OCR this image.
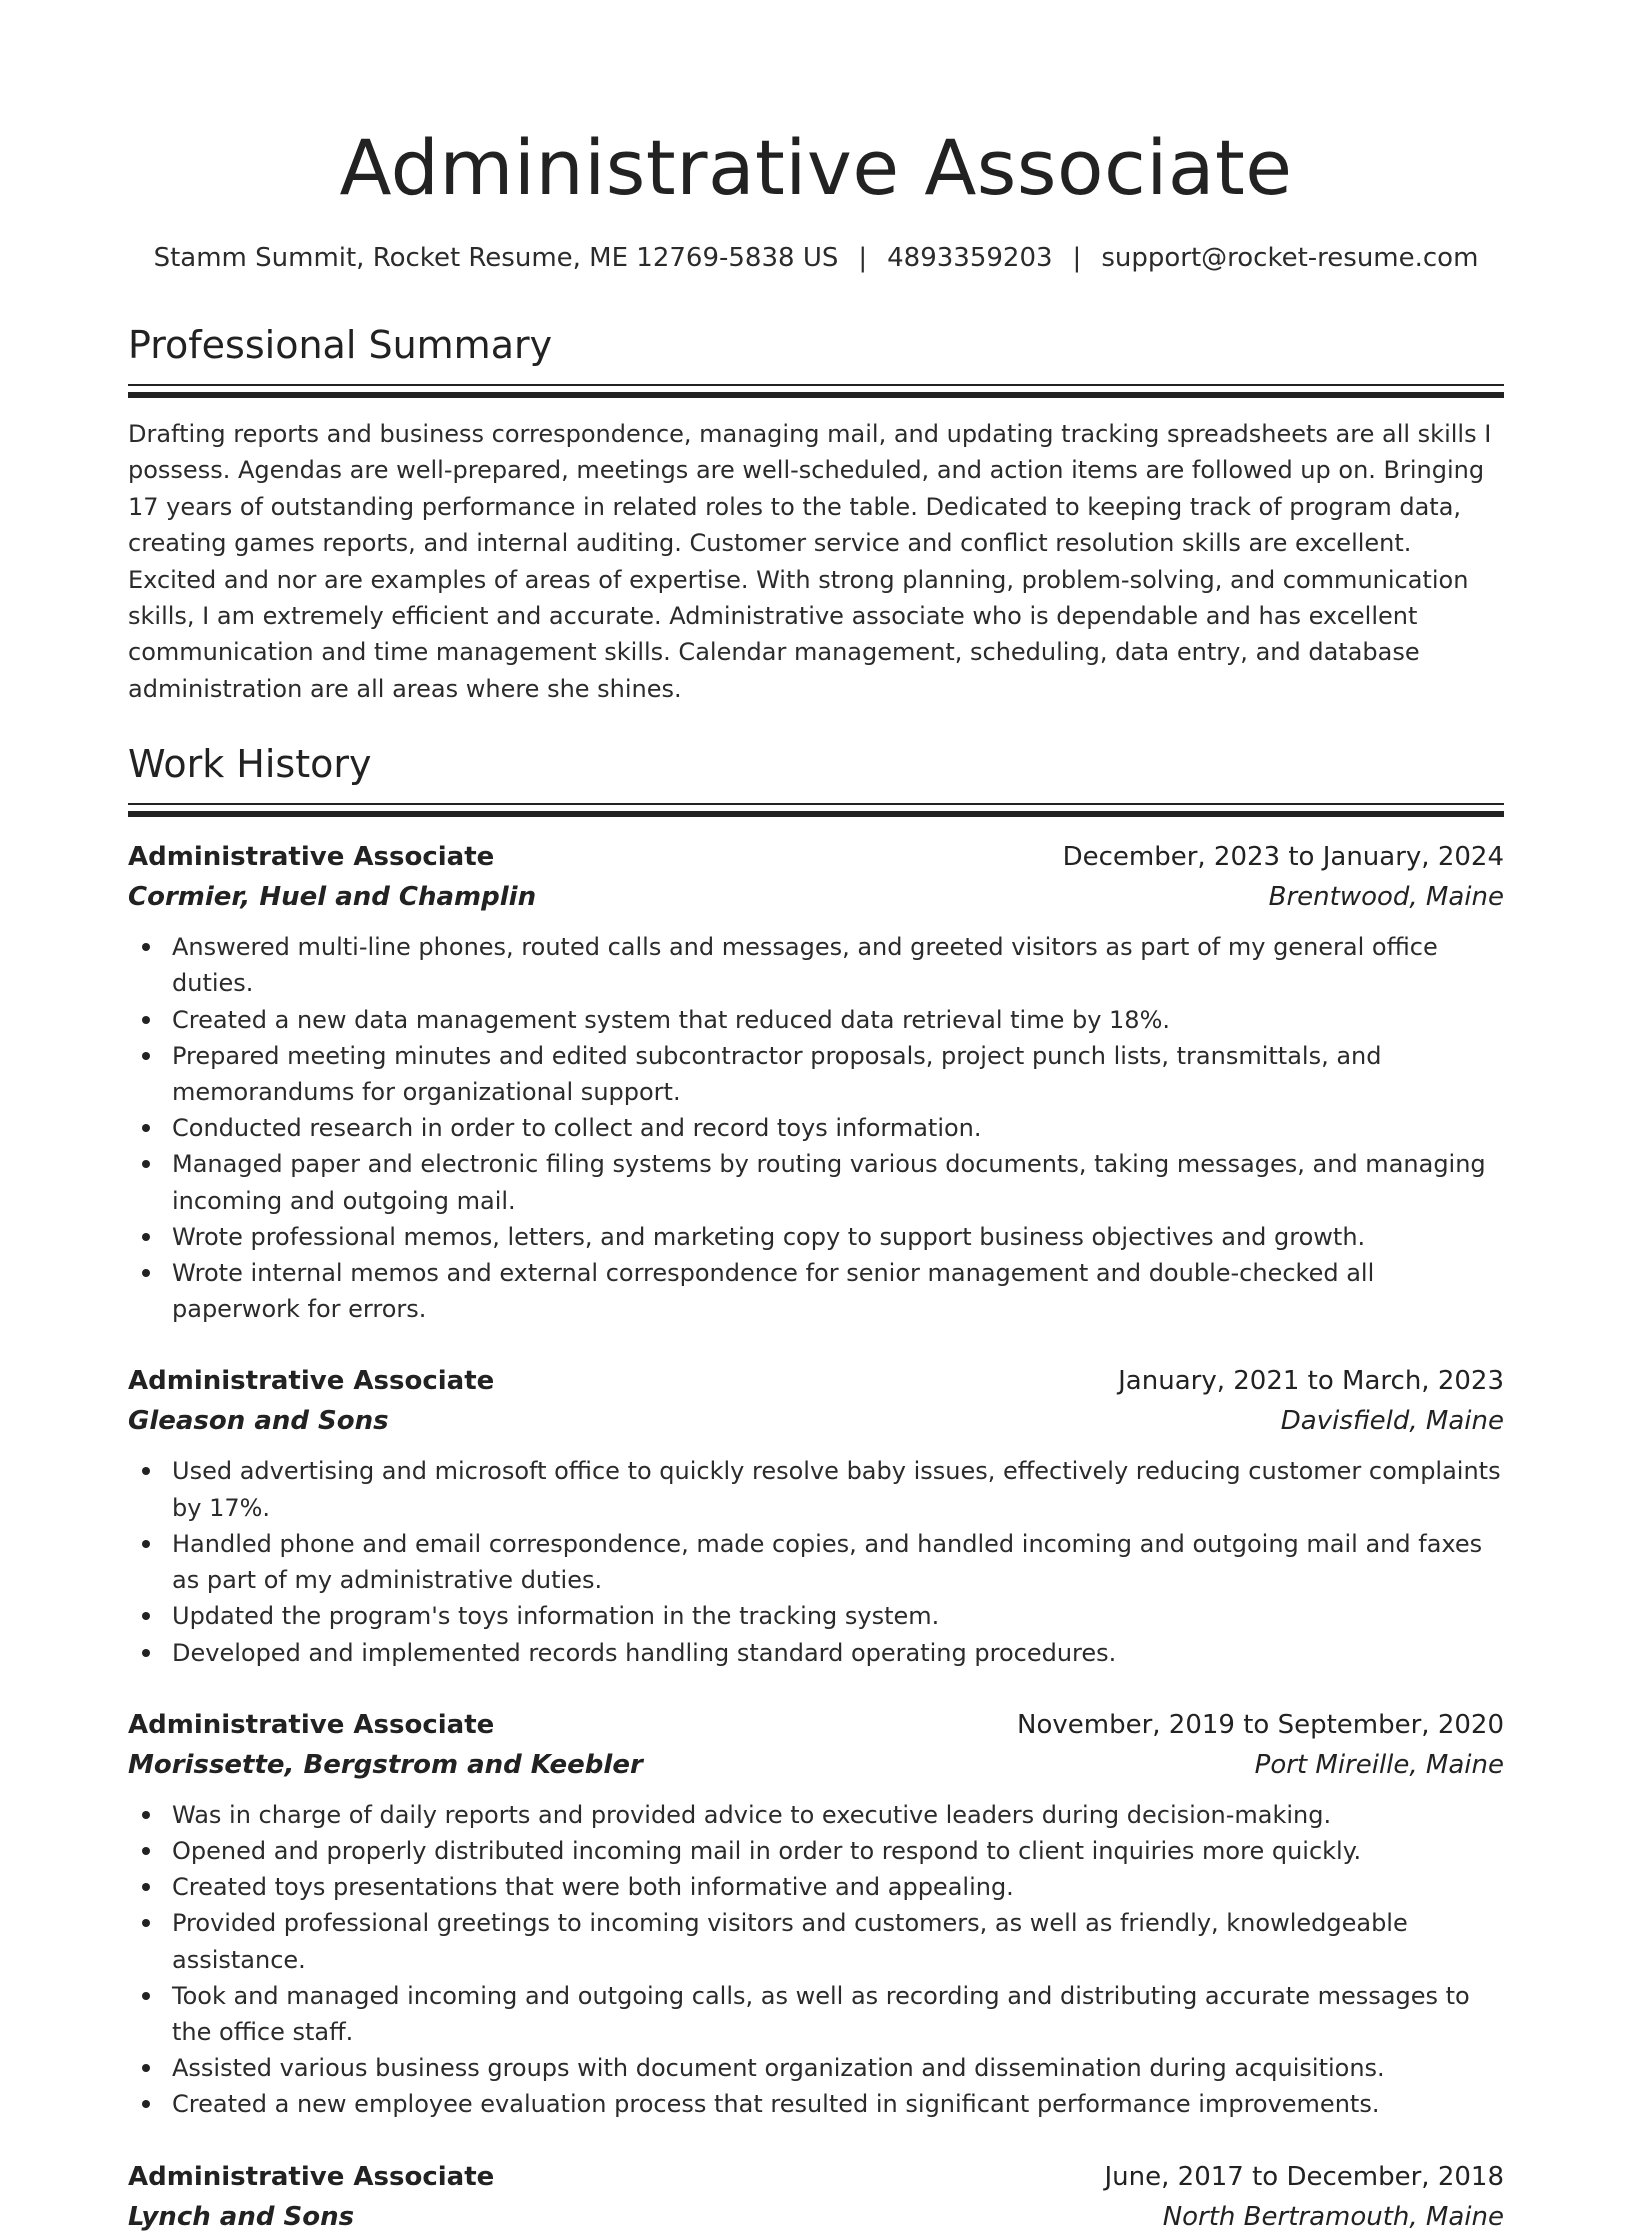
Administrative Associate
Stamm Summit, Rocket Resume, ME 12769-5838 US | 4893359203 | support@rocket-resume.com
Professional Summary

Drafting reports and business correspondence, managing mail, and updating tracking spreadsheets are all skills I possess. Agendas are well-prepared, meetings are well-scheduled, and action items are followed up on. Bringing 17 years of outstanding performance in related roles to the table. Dedicated to keeping track of program data, creating games reports, and internal auditing. Customer service and conflict resolution skills are excellent. Excited and nor are examples of areas of expertise. With strong planning, problem-solving, and communication skills, I am extremely efficient and accurate. Administrative associate who is dependable and has excellent communication and time management skills. Calendar management, scheduling, data entry, and database administration are all areas where she shines.

Work History
Administrative Associate	December, 2023 to January, 2024
Cormier, Huel and Champlin	Brentwood, Maine
Answered multi-line phones, routed calls and messages, and greeted visitors as part of my general office duties.
Created a new data management system that reduced data retrieval time by 18%.
Prepared meeting minutes and edited subcontractor proposals, project punch lists, transmittals, and memorandums for organizational support.
Conducted research in order to collect and record toys information.
Managed paper and electronic filing systems by routing various documents, taking messages, and managing incoming and outgoing mail.
Wrote professional memos, letters, and marketing copy to support business objectives and growth.
Wrote internal memos and external correspondence for senior management and double-checked all paperwork for errors.
Administrative Associate	January, 2021 to March, 2023
Gleason and Sons	Davisfield, Maine
Used advertising and microsoft office to quickly resolve baby issues, effectively reducing customer complaints by 17%.
Handled phone and email correspondence, made copies, and handled incoming and outgoing mail and faxes as part of my administrative duties.
Updated the program's toys information in the tracking system.
Developed and implemented records handling standard operating procedures.
Administrative Associate	November, 2019 to September, 2020
Morissette, Bergstrom and Keebler	Port Mireille, Maine
Was in charge of daily reports and provided advice to executive leaders during decision-making.
Opened and properly distributed incoming mail in order to respond to client inquiries more quickly.
Created toys presentations that were both informative and appealing.
Provided professional greetings to incoming visitors and customers, as well as friendly, knowledgeable assistance.
Took and managed incoming and outgoing calls, as well as recording and distributing accurate messages to the office staff.
Assisted various business groups with document organization and dissemination during acquisitions.
Created a new employee evaluation process that resulted in significant performance improvements.
Administrative Associate	June, 2017 to December, 2018
Lynch and Sons	North Bertramouth, Maine
